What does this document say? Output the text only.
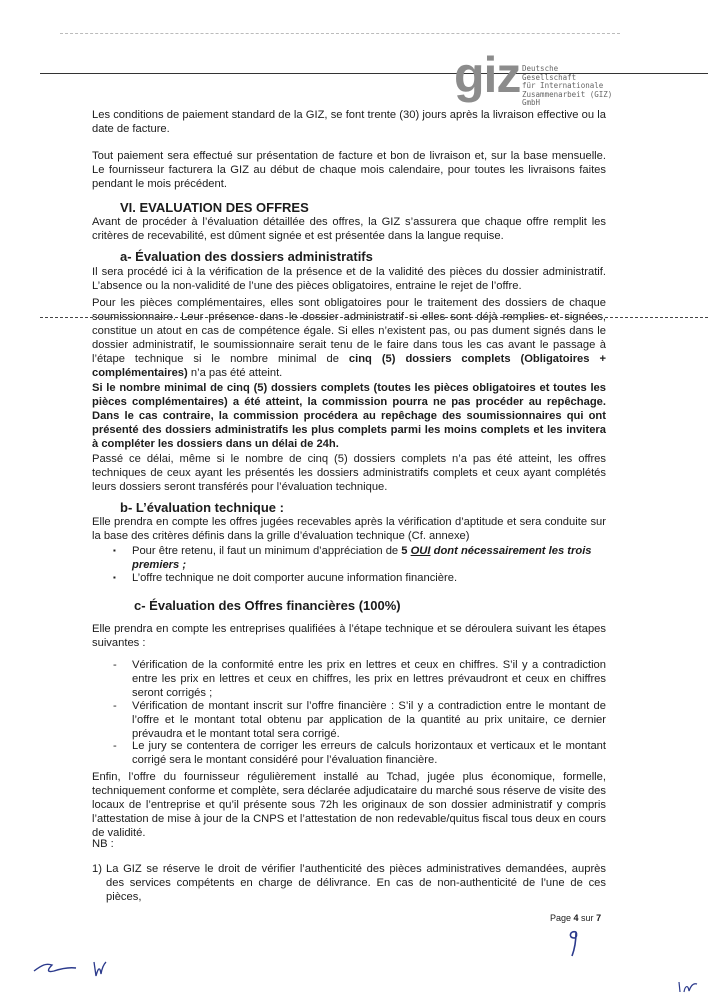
giz Deutsche Gesellschaft
für Internationale
Zusammenarbeit (GIZ) GmbH

Les conditions de paiement standard de la GIZ, se font trente (30) jours après la livraison effective ou la date de facture.

Tout paiement sera effectué sur présentation de facture et bon de livraison et, sur la base mensuelle. Le fournisseur facturera la GIZ au début de chaque mois calendaire, pour toutes les livraisons faites pendant le mois précédent.

VI. EVALUATION DES OFFRES

Avant de procéder à l’évaluation détaillée des offres, la GIZ s’assurera que chaque offre remplit les critères de recevabilité, est dûment signée et est présentée dans la langue requise.

a- Évaluation des dossiers administratifs

Il sera procédé ici à la vérification de la présence et de la validité des pièces du dossier administratif. L’absence ou la non-validité de l’une des pièces obligatoires, entraine le rejet de l’offre.

Pour les pièces complémentaires, elles sont obligatoires pour le traitement des dossiers de chaque soumissionnaire. Leur présence dans le dossier administratif si elles sont déjà remplies et signées, constitue un atout en cas de compétence égale. Si elles n’existent pas, ou pas dument signés dans le dossier administratif, le soumissionnaire serait tenu de le faire dans tous les cas avant le passage à l’étape technique si le nombre minimal de cinq (5) dossiers complets (Obligatoires + complémentaires) n’a pas été atteint.

Si le nombre minimal de cinq (5) dossiers complets (toutes les pièces obligatoires et toutes les pièces complémentaires) a été atteint, la commission pourra ne pas procéder au repêchage. Dans le cas contraire, la commission procédera au repêchage des soumissionnaires qui ont présenté des dossiers administratifs les plus complets parmi les moins complets et les invitera à compléter les dossiers dans un délai de 24h.

Passé ce délai, même si le nombre de cinq (5) dossiers complets n’a pas été atteint, les offres techniques de ceux ayant les présentés les dossiers administratifs complets et ceux ayant complétés leurs dossiers seront transférés pour l’évaluation technique.

b- L’évaluation technique :

Elle prendra en compte les offres jugées recevables après la vérification d’aptitude et sera conduite sur la base des critères définis dans la grille d’évaluation technique (Cf. annexe)

▪ Pour être retenu, il faut un minimum d’appréciation de 5 OUI dont nécessairement les trois premiers ;
▪ L’offre technique ne doit comporter aucune information financière.
c- Évaluation des Offres financières (100%)

Elle prendra en compte les entreprises qualifiées à l’étape technique et se déroulera suivant les étapes suivantes :

- Vérification de la conformité entre les prix en lettres et ceux en chiffres. S’il y a contradiction entre les prix en lettres et ceux en chiffres, les prix en lettres prévaudront et ceux en chiffres seront corrigés ;
- Vérification de montant inscrit sur l’offre financière : S’il y a contradiction entre le montant de l’offre et le montant total obtenu par application de la quantité au prix unitaire, ce dernier prévaudra et le montant total sera corrigé.
- Le jury se contentera de corriger les erreurs de calculs horizontaux et verticaux et le montant corrigé sera le montant considéré pour l’évaluation financière.

Enfin, l’offre du fournisseur régulièrement installé au Tchad, jugée plus économique, formelle, techniquement conforme et complète, sera déclarée adjudicataire du marché sous réserve de visite des locaux de l’entreprise et qu’il présente sous 72h les originaux de son dossier administratif y compris l’attestation de mise à jour de la CNPS et l’attestation de non redevable/quitus fiscal tous deux en cours de validité.

NB :

1) La GIZ se réserve le droit de vérifier l’authenticité des pièces administratives demandées, auprès des services compétents en charge de délivrance. En cas de non-authenticité de l’une de ces pièces,
Page 4 sur 7
